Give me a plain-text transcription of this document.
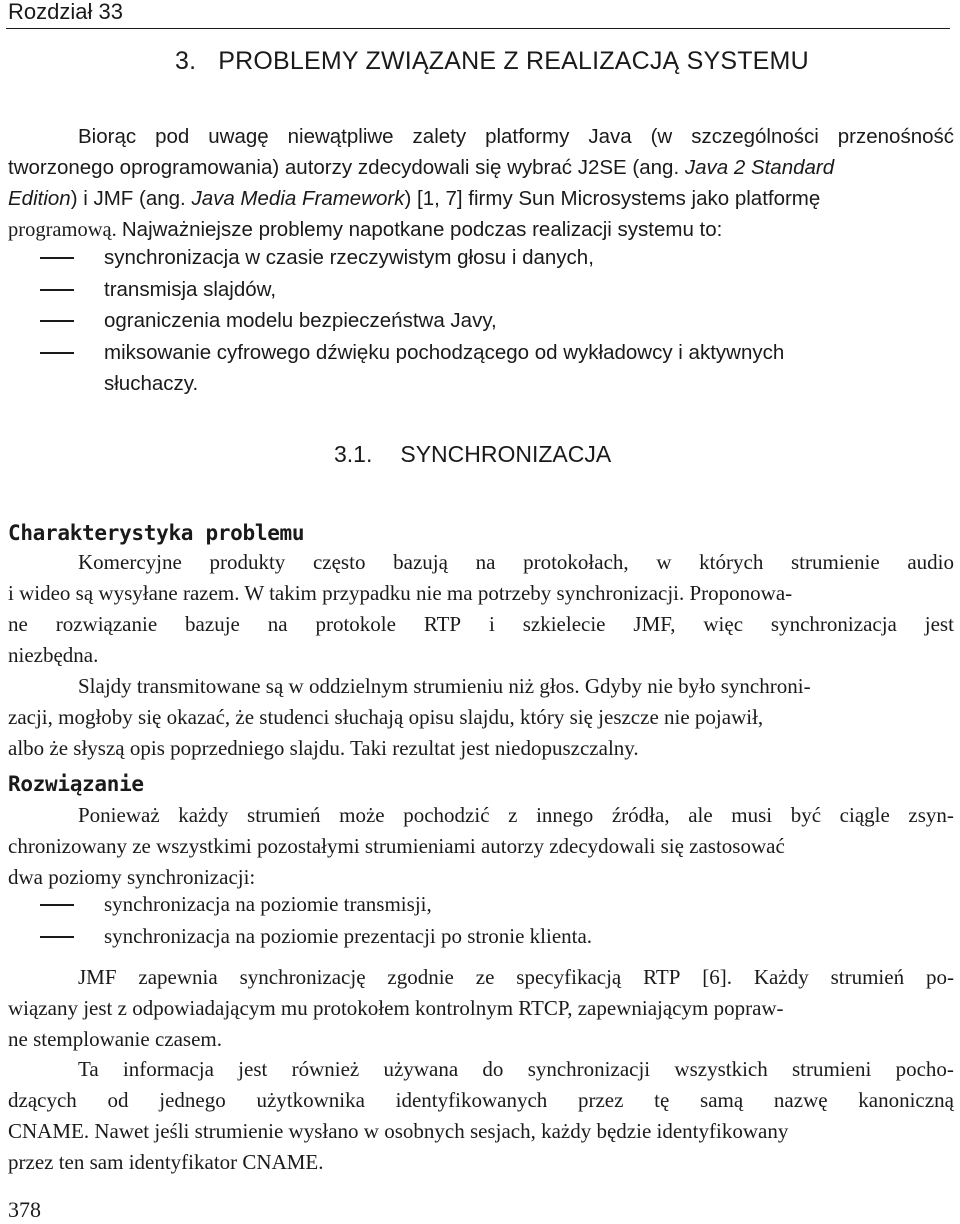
Rozdział 33
3. PROBLEMY ZWIĄZANE Z REALIZACJĄ SYSTEMU
Biorąc pod uwagę niewątpliwe zalety platformy Java (w szczególności przenośność
tworzonego oprogramowania) autorzy zdecydowali się wybrać J2SE (ang. Java 2 Standard
Edition) i JMF (ang. Java Media Framework) [1, 7] firmy Sun Microsystems jako platformę
programową. Najważniejsze problemy napotkane podczas realizacji systemu to:
synchronizacja w czasie rzeczywistym głosu i danych,
transmisja slajdów,
ograniczenia modelu bezpieczeństwa Javy,
miksowanie cyfrowego dźwięku pochodzącego od wykładowcy i aktywnych
słuchaczy.
3.1. SYNCHRONIZACJA
Charakterystyka problemu
Komercyjne produkty często bazują na protokołach, w których strumienie audio
i wideo są wysyłane razem. W takim przypadku nie ma potrzeby synchronizacji. Proponowa-
ne rozwiązanie bazuje na protokole RTP i szkielecie JMF, więc synchronizacja jest
niezbędna.
Slajdy transmitowane są w oddzielnym strumieniu niż głos. Gdyby nie było synchroni-
zacji, mogłoby się okazać, że studenci słuchają opisu slajdu, który się jeszcze nie pojawił,
albo że słyszą opis poprzedniego slajdu. Taki rezultat jest niedopuszczalny.
Rozwiązanie
Ponieważ każdy strumień może pochodzić z innego źródła, ale musi być ciągle zsyn-
chronizowany ze wszystkimi pozostałymi strumieniami autorzy zdecydowali się zastosować
dwa poziomy synchronizacji:
synchronizacja na poziomie transmisji,
synchronizacja na poziomie prezentacji po stronie klienta.
JMF zapewnia synchronizację zgodnie ze specyfikacją RTP [6]. Każdy strumień po-
wiązany jest z odpowiadającym mu protokołem kontrolnym RTCP, zapewniającym popraw-
ne stemplowanie czasem.
Ta informacja jest również używana do synchronizacji wszystkich strumieni pocho-
dzących od jednego użytkownika identyfikowanych przez tę samą nazwę kanoniczną
CNAME. Nawet jeśli strumienie wysłano w osobnych sesjach, każdy będzie identyfikowany
przez ten sam identyfikator CNAME.
378
